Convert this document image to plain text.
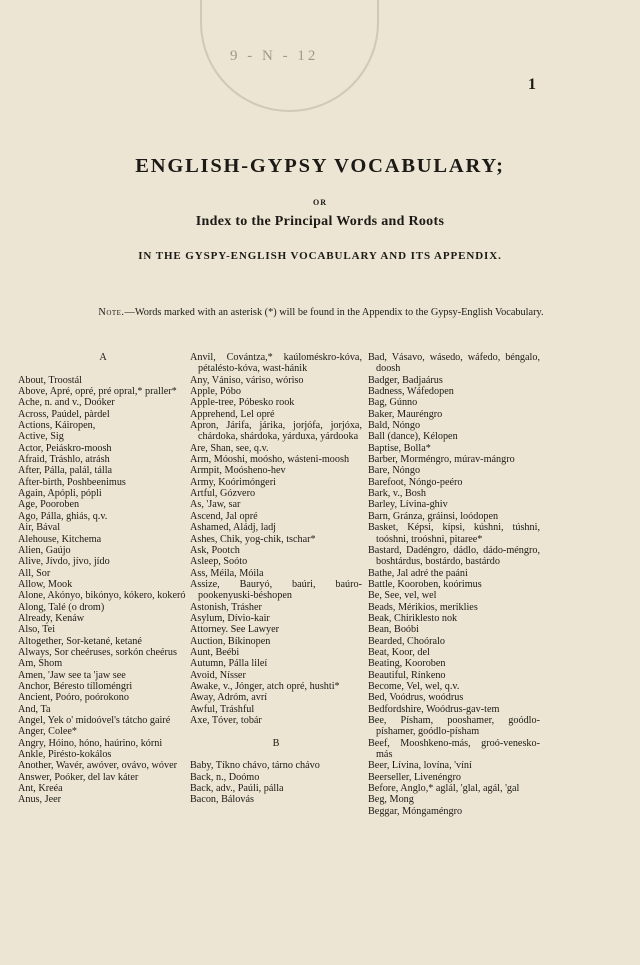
9 - N - 12
1
ENGLISH-GYPSY VOCABULARY;
OR
Index to the Principal Words and Roots
IN THE GYSPY-ENGLISH VOCABULARY AND ITS APPENDIX.
Note.—Words marked with an asterisk (*) will be found in the Appendix to the Gypsy-English Vocabulary.
A
About, Troostál
Above, Apré, opré, pré opral,* praller*
Ache, n. and v., Doóker
Across, Paúdel, pàrdel
Actions, Káiropen,
Active, Sig
Actor, Peiáskro-moosh
Afraid, Tráshlo, atrásh
After, Pálla, palál, tálla
After-birth, Poshbeenimus
Again, Apópli, pópli
Age, Pooroben
Ago, Pálla, ghiás, q.v.
Air, Bával
Alehouse, Kitchema
Alien, Gaújo
Alive, Jívdo, jívo, jído
All, Sor
Allow, Mook
Alone, Akónyo, bikónyo, kókero, kokeró
Along, Talé (o drom)
Already, Kenáw
Also, Tei
Altogether, Sor-ketané, ketané
Always, Sor cheéruses, sorkón cheérus
Am, Shom
Amen, 'Jaw see ta 'jaw see
Anchor, Béresto tílloméngri
Ancient, Poóro, poórokono
And, Ta
Angel, Yek o' midoóvel's tátcho gairé
Anger, Colee*
Angry, Hóino, hóno, haúrino, kórni
Ankle, Pirésto-kokálos
Another, Wavér, awóver, ovávo, wóver
Answer, Poóker, del lav káter
Ant, Kreéa
Anus, Jeer
Anvil, Covántza,* kaúloméskro-kóva, pétalésto-kóva, wast-hánik
Any, Vániso, váriso, wóriso
Apple, Póbo
Apple-tree, Póbesko rook
Apprehend, Lel opré
Apron, Járifa, járika, jorjófa, jorjóxa, chárdoka, shárdoka, yárduxa, yárdooka
Are, Shan, see, q.v.
Arm, Móoshi, moósho, wásteni-moosh
Armpit, Moósheno-hev
Army, Koórimóngeri
Artful, Gózvero
As, 'Jaw, sar
Ascend, Jal opré
Ashamed, Aládj, ladj
Ashes, Chik, yog-chik, tschar*
Ask, Pootch
Asleep, Soóto
Ass, Méila, Móila
Assize, Bauryó, baúri, baúro-pookenyuski-béshopen
Astonish, Trásher
Asylum, Dívio-kair
Attorney. See Lawyer
Auction, Bíkinopen
Aunt, Beébi
Autumn, Pálla lileí
Avoid, Nísser
Awake, v., Jónger, atch opré, hushti*
Away, Adróm, avrí
Awful, Tráshful
Axe, Tóver, tobár
B
Baby, Tíkno chávo, tárno chávo
Back, n., Doómo
Back, adv., Paúli, pálla
Bacon, Bálovás
Bad, Vásavo, wásedo, wáfedo, béngalo, doosh
Badger, Badjaárus
Badness, Wáfedopen
Bag, Gúnno
Baker, Mauréngro
Bald, Nóngo
Ball (dance), Kélopen
Baptise, Bolla*
Barber, Morméngro, múrav-mángro
Bare, Nóngo
Barefoot, Nóngo-peéro
Bark, v., Bosh
Barley, Lívina-ghiv
Barn, Gránza, gráinsi, loódopen
Basket, Képsi, kípsi, kúshni, túshni, toóshni, troóshni, pitaree*
Bastard, Dadéngro, dádlo, dádo-méngro, boshtárdus, bostárdo, bastárdo
Bathe, Jal adré the paáni
Battle, Kooroben, koórimus
Be, See, vel, wel
Beads, Mérikios, meriklies
Beak, Chiriklesto nok
Bean, Boóbi
Bearded, Choóralo
Beat, Koor, del
Beating, Kooroben
Beautiful, Rínkeno
Become, Vel, wel, q.v.
Bed, Voódrus, woódrus
Bedfordshire, Woódrus-gav-tem
Bee, Písham, pooshamer, goódlo-píshamer, goódlo-písham
Beef, Mooshkeno-más, groó-venesko-más
Beer, Lívina, lovína, 'víní
Beerseller, Livenéngro
Before, Anglo,* aglál, 'glal, agál, 'gal
Beg, Mong
Beggar, Móngaméngro
